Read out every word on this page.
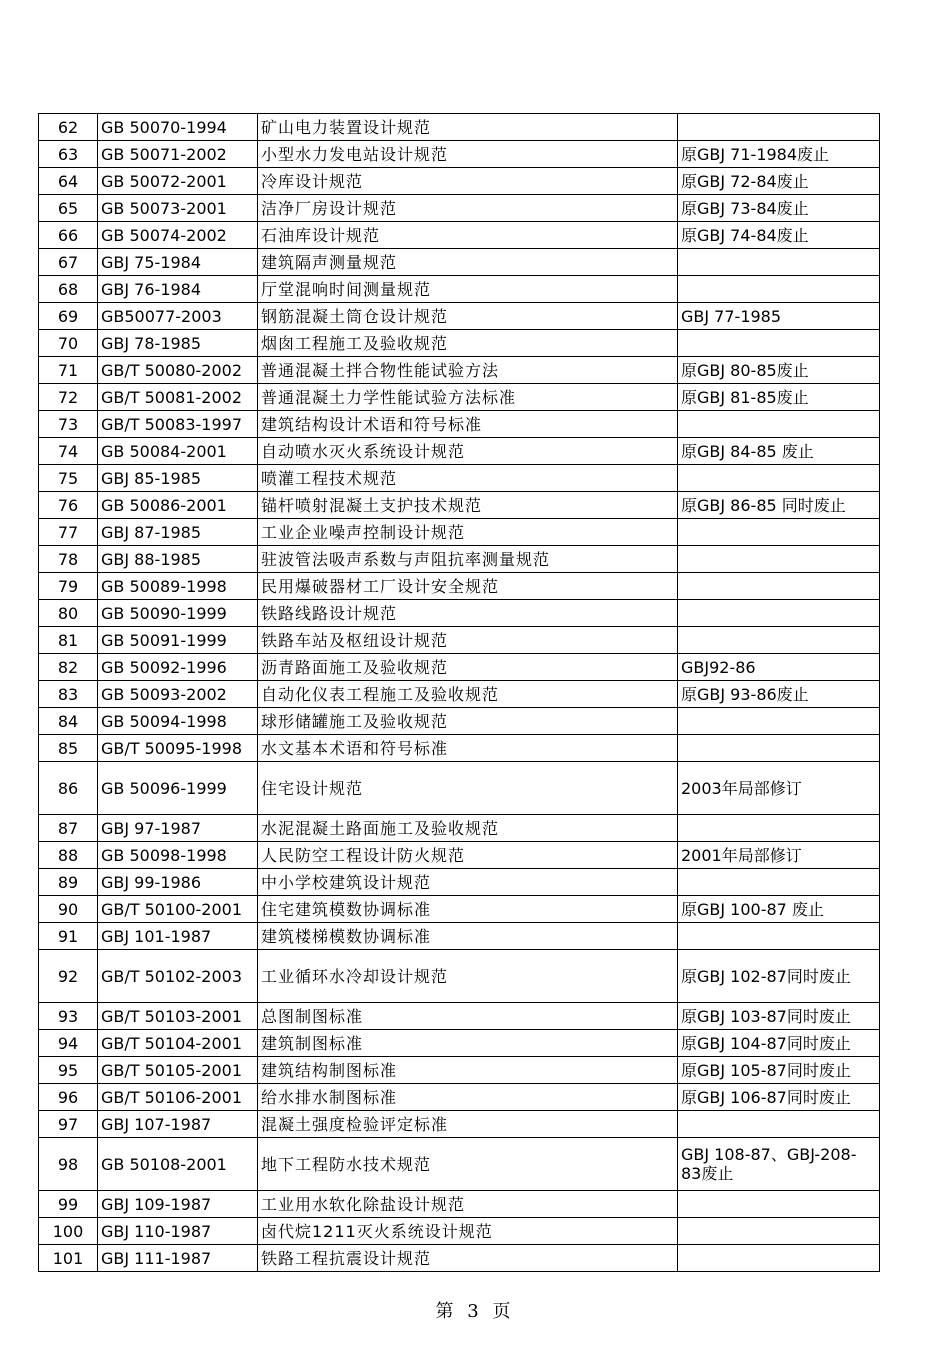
62	GB 50070-1994	矿山电力装置设计规范	
63	GB 50071-2002	小型水力发电站设计规范	原GBJ 71-1984废止
64	GB 50072-2001	冷库设计规范	原GBJ 72-84废止
65	GB 50073-2001	洁净厂房设计规范	原GBJ 73-84废止
66	GB 50074-2002	石油库设计规范	原GBJ 74-84废止
67	GBJ 75-1984	建筑隔声测量规范	
68	GBJ 76-1984	厅堂混响时间测量规范	
69	GB50077-2003	钢筋混凝土筒仓设计规范	GBJ 77-1985
70	GBJ 78-1985	烟囱工程施工及验收规范	
71	GB/T 50080-2002	普通混凝土拌合物性能试验方法	原GBJ 80-85废止
72	GB/T 50081-2002	普通混凝土力学性能试验方法标准	原GBJ 81-85废止
73	GB/T 50083-1997	建筑结构设计术语和符号标准	
74	GB 50084-2001	自动喷水灭火系统设计规范	原GBJ 84-85 废止
75	GBJ 85-1985	喷灌工程技术规范	
76	GB 50086-2001	锚杆喷射混凝土支护技术规范	原GBJ 86-85 同时废止
77	GBJ 87-1985	工业企业噪声控制设计规范	
78	GBJ 88-1985	驻波管法吸声系数与声阻抗率测量规范	
79	GB 50089-1998	民用爆破器材工厂设计安全规范	
80	GB 50090-1999	铁路线路设计规范	
81	GB 50091-1999	铁路车站及枢纽设计规范	
82	GB 50092-1996	沥青路面施工及验收规范	GBJ92-86
83	GB 50093-2002	自动化仪表工程施工及验收规范	原GBJ 93-86废止
84	GB 50094-1998	球形储罐施工及验收规范	
85	GB/T 50095-1998	水文基本术语和符号标准	
86	GB 50096-1999	住宅设计规范	2003年局部修订
87	GBJ 97-1987	水泥混凝土路面施工及验收规范	
88	GB 50098-1998	人民防空工程设计防火规范	2001年局部修订
89	GBJ 99-1986	中小学校建筑设计规范	
90	GB/T 50100-2001	住宅建筑模数协调标准	原GBJ 100-87 废止
91	GBJ 101-1987	建筑楼梯模数协调标准	
92	GB/T 50102-2003	工业循环水冷却设计规范	原GBJ 102-87同时废止
93	GB/T 50103-2001	总图制图标准	原GBJ 103-87同时废止
94	GB/T 50104-2001	建筑制图标准	原GBJ 104-87同时废止
95	GB/T 50105-2001	建筑结构制图标准	原GBJ 105-87同时废止
96	GB/T 50106-2001	给水排水制图标准	原GBJ 106-87同时废止
97	GBJ 107-1987	混凝土强度检验评定标准	
98	GB 50108-2001	地下工程防水技术规范	GBJ 108-87、GBJ-208-83废止
99	GBJ 109-1987	工业用水软化除盐设计规范	
100	GBJ 110-1987	卤代烷1211灭火系统设计规范	
101	GBJ 111-1987	铁路工程抗震设计规范	
第 3 页
